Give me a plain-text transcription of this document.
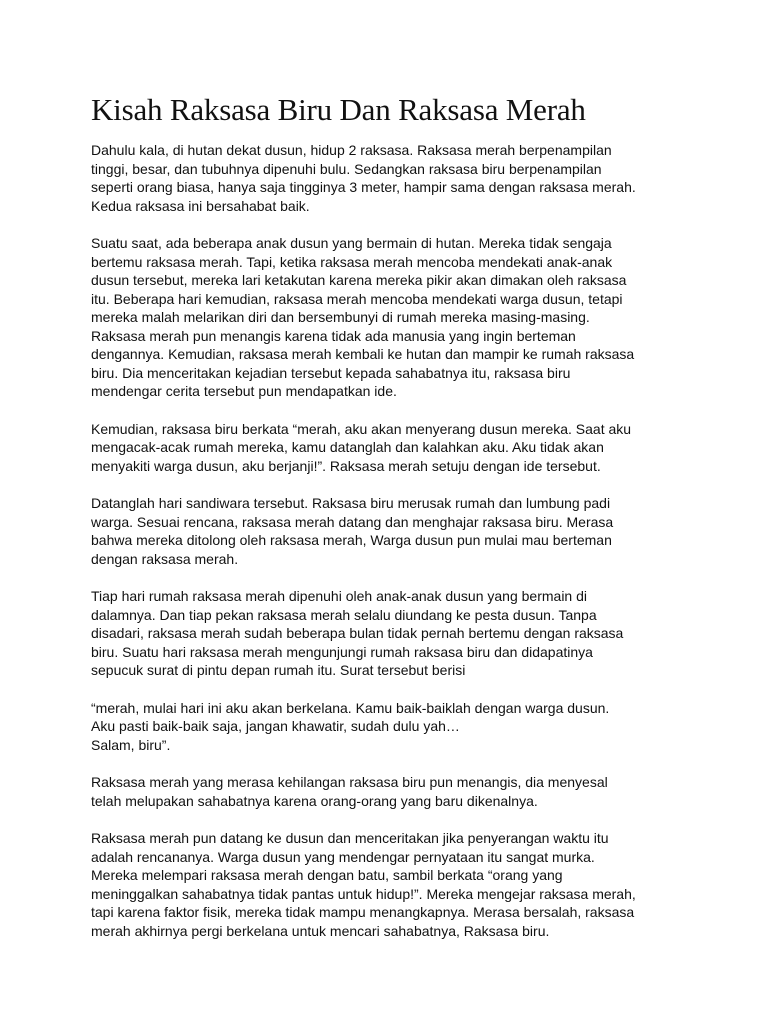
Kisah Raksasa Biru Dan Raksasa Merah

Dahulu kala, di hutan dekat dusun, hidup 2 raksasa. Raksasa merah berpenampilan
tinggi, besar, dan tubuhnya dipenuhi bulu. Sedangkan raksasa biru berpenampilan
seperti orang biasa, hanya saja tingginya 3 meter, hampir sama dengan raksasa merah.
Kedua raksasa ini bersahabat baik.

Suatu saat, ada beberapa anak dusun yang bermain di hutan. Mereka tidak sengaja
bertemu raksasa merah. Tapi, ketika raksasa merah mencoba mendekati anak-anak
dusun tersebut, mereka lari ketakutan karena mereka pikir akan dimakan oleh raksasa
itu. Beberapa hari kemudian, raksasa merah mencoba mendekati warga dusun, tetapi
mereka malah melarikan diri dan bersembunyi di rumah mereka masing-masing.
Raksasa merah pun menangis karena tidak ada manusia yang ingin berteman
dengannya. Kemudian, raksasa merah kembali ke hutan dan mampir ke rumah raksasa
biru. Dia menceritakan kejadian tersebut kepada sahabatnya itu, raksasa biru
mendengar cerita tersebut pun mendapatkan ide.

Kemudian, raksasa biru berkata “merah, aku akan menyerang dusun mereka. Saat aku
mengacak-acak rumah mereka, kamu datanglah dan kalahkan aku. Aku tidak akan
menyakiti warga dusun, aku berjanji!”. Raksasa merah setuju dengan ide tersebut.

Datanglah hari sandiwara tersebut. Raksasa biru merusak rumah dan lumbung padi
warga. Sesuai rencana, raksasa merah datang dan menghajar raksasa biru. Merasa
bahwa mereka ditolong oleh raksasa merah, Warga dusun pun mulai mau berteman
dengan raksasa merah.

Tiap hari rumah raksasa merah dipenuhi oleh anak-anak dusun yang bermain di
dalamnya. Dan tiap pekan raksasa merah selalu diundang ke pesta dusun. Tanpa
disadari, raksasa merah sudah beberapa bulan tidak pernah bertemu dengan raksasa
biru. Suatu hari raksasa merah mengunjungi rumah raksasa biru dan didapatinya
sepucuk surat di pintu depan rumah itu. Surat tersebut berisi

“merah, mulai hari ini aku akan berkelana. Kamu baik-baiklah dengan warga dusun.
Aku pasti baik-baik saja, jangan khawatir, sudah dulu yah…
Salam, biru”.

Raksasa merah yang merasa kehilangan raksasa biru pun menangis, dia menyesal
telah melupakan sahabatnya karena orang-orang yang baru dikenalnya.

Raksasa merah pun datang ke dusun dan menceritakan jika penyerangan waktu itu
adalah rencananya. Warga dusun yang mendengar pernyataan itu sangat murka.
Mereka melempari raksasa merah dengan batu, sambil berkata “orang yang
meninggalkan sahabatnya tidak pantas untuk hidup!”. Mereka mengejar raksasa merah,
tapi karena faktor fisik, mereka tidak mampu menangkapnya. Merasa bersalah, raksasa
merah akhirnya pergi berkelana untuk mencari sahabatnya, Raksasa biru.
